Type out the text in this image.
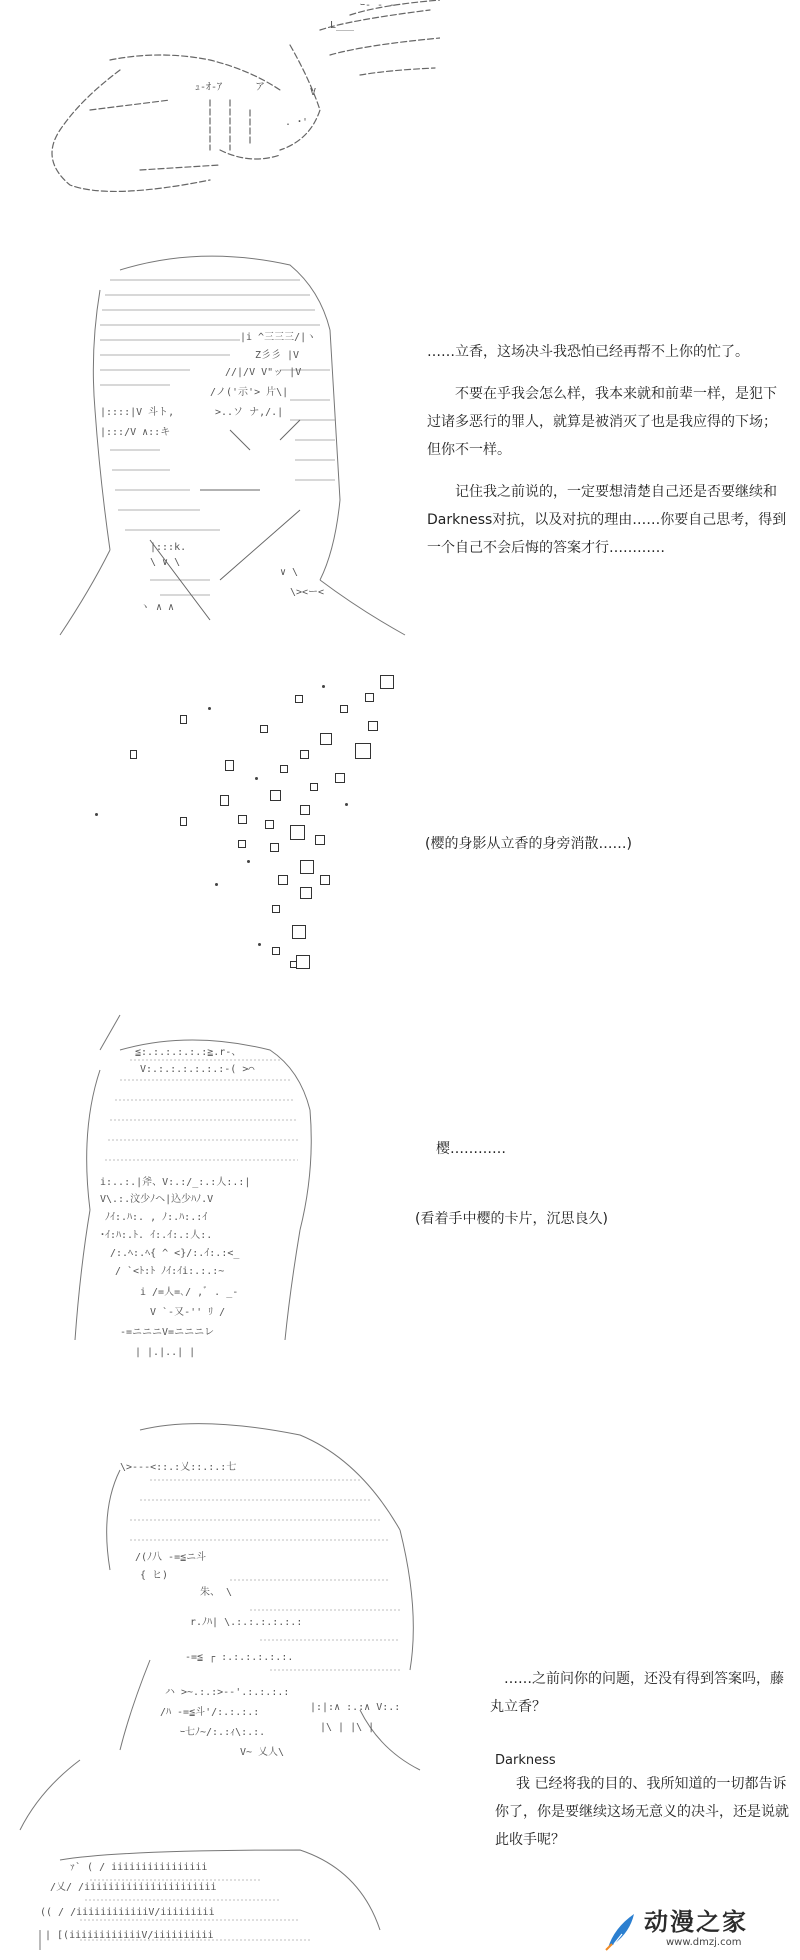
ｭ-ｵ-ｱ	ア	V
. ･'
L___
ｰ‐ ‐ ‐
|i ^三三三/|ヽ
Z彡彡 |V
//|/V V"ッ |V
/ノ('示'> 片\|
>..ソ ナ,/.|
|::::|V 斗ト,
|:::/V ∧::キ
|:::k.
\ ∨ \
ヽ ∧ ∧
∨ \
\><ー<

……立香，这场决斗我恐怕已经再帮不上你的忙了。

不要在乎我会怎么样，我本来就和前辈一样，是犯下过诸多恶行的罪人，就算是被消灭了也是我应得的下场；但你不一样。

记住我之前说的，一定要想清楚自己还是否要继续和Darkness对抗，以及对抗的理由……你要自己思考，得到一个自己不会后悔的答案才行…………

(樱的身影从立香的身旁消散……)
≦:.:.:.:.:.:≧.r-、
V:.:.:.:.:.:.:-( >⌒
i:..:.|斧、V:.:/_:.:人:.:|
V\.:.汶少ﾉヘ|込少ﾊﾉ.V
ﾉｲ:.ﾊ:. , ﾉ:.ﾊ:.:ｲ
･ｲ:ﾊ:.ﾄ. ｲ:.ｲ:.:人:.
/:.ﾍ:.ﾍ{ ^ <}/:.ｲ:.:<_
/ `<ﾄ:ﾄ ﾉｲ:ｲi:.:.:~
i /=人=､/ ,ﾞ . _-
V `-又-'' ﾘ /
-=ニニニV=ニニニレ
| |.|..| |
樱…………
(看着手中樱的卡片，沉思良久)
\>-‐‐<::.:乂::.:.:七
/(ﾉ八 -=≦ニ斗
{ ヒ)
朱、 \
r.ﾉﾊ| \.:.:.:.:.:.:
-=≦ ┌ :.:.:.:.:.:.
ハ >~.:.:>-‐'.:.:.:.:
/ﾊ -=≦斗'/:.:.:.:
ｰ七ﾉ~/:.:ｨ\:.:.
V~ 乂人\
|:|:∧ :.:∧ V:.:
|\ | |\ |
ｧ` ( / iiiiiiiiiiiiiiii
/乂/ /iiiiiiiiiiiiiiiiiiiiii
(( / /iiiiiiiiiiiiV/iiiiiiiii
| [(iiiiiiiiiiiiV/iiiiiiiiii

……之前问你的问题，还没有得到答案吗，藤丸立香？

Darkness

我 已经将我的目的、我所知道的一切都告诉你了，你是要继续这场无意义的决斗，还是说就此收手呢？

动漫之家
www.dmzj.com
